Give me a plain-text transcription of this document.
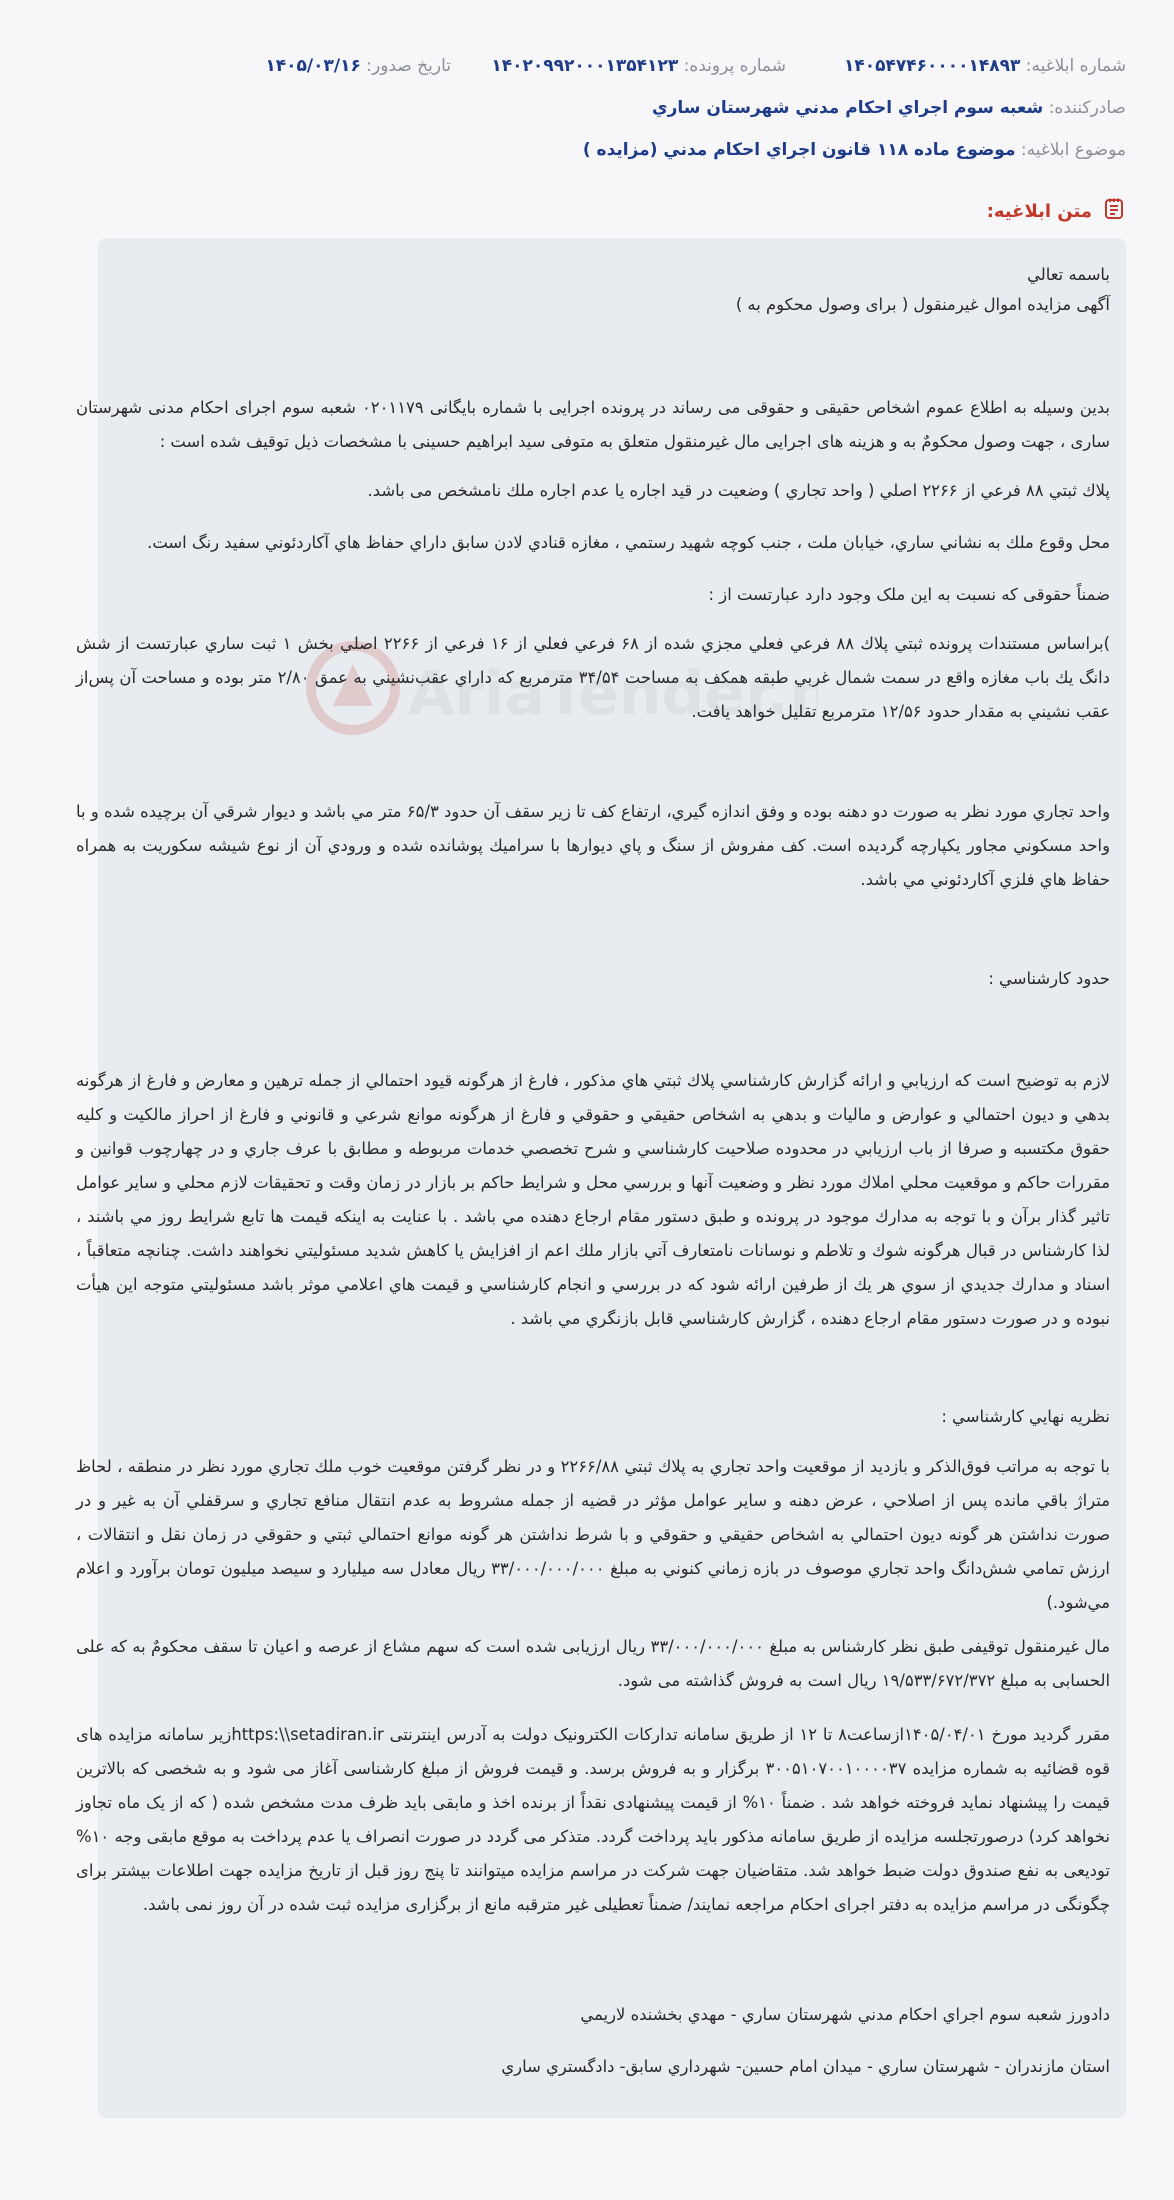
شماره ابلاغيه: ۱۴۰۵۴۷۴۶۰۰۰۰۱۴۸۹۳
شماره پرونده: ۱۴۰۲۰۹۹۲۰۰۰۱۳۵۴۱۲۳
تاريخ صدور: ۱۴۰۵/۰۳/۱۶
صادرکننده: شعبه سوم اجراي احكام مدني شهرستان ساري
موضوع ابلاغيه: موضوع ماده ۱۱۸ قانون اجراي احكام مدني (مزايده )
متن ابلاغيه:
AriaTender.n
باسمه تعالي
آگهی مزایده اموال غیرمنقول ( برای وصول محکوم به )
بدین وسیله به اطلاع عموم اشخاص حقیقی و حقوقی می رساند در پرونده اجرایی با شماره بایگانی ۰۲۰۱۱۷۹ شعبه سوم اجرای احکام مدنی شهرستان ساری ، جهت وصول محکومٌ به و هزینه های اجرایی مال غیرمنقول متعلق به متوفی سید ابراهیم حسینی با مشخصات ذیل توقیف شده است :
پلاك ثبتي ۸۸ فرعي از ۲۲۶۶ اصلي ( واحد تجاري ) وضعيت در قيد اجاره يا عدم اجاره ملك نامشخص مى باشد.
محل وقوع ملك به نشاني ساري، خيابان ملت ، جنب كوچه شهيد رستمي ، مغازه قنادي لادن سابق داراي حفاظ هاي آكاردئوني سفيد رنگ است.
ضمناً حقوقی که نسبت به این ملک وجود دارد عبارتست از :
)براساس مستندات پرونده ثبتي پلاك ۸۸ فرعي فعلي مجزي شده از ۶۸ فرعي فعلي از ۱۶ فرعي از ۲۲۶۶ اصلي بخش ۱ ثبت ساري عبارتست از شش دانگ يك باب مغازه واقع در سمت شمال غربي طبقه همكف به مساحت ۳۴/۵۴ مترمربع كه داراي عقب‌نشيني به عمق ۲/۸۰ متر بوده و مساحت آن پس‌از عقب نشيني به مقدار حدود ۱۲/۵۶ مترمربع تقليل خواهد يافت.
واحد تجاري مورد نظر به صورت دو دهنه بوده و وفق اندازه گيري، ارتفاع كف تا زير سقف آن حدود ۶۵/۳ متر مي باشد و ديوار شرقي آن برچيده شده و با واحد مسكوني مجاور يكپارچه گرديده است. كف مفروش از سنگ و پاي ديوارها با سراميك پوشانده شده و ورودي آن از نوع شيشه سكوريت به همراه حفاظ هاي فلزي آكاردئوني مي باشد.
حدود كارشناسي :
لازم به توضيح است كه ارزيابي و ارائه گزارش كارشناسي پلاك ثبتي هاي مذكور ، فارغ از هرگونه قيود احتمالي از جمله ترهين و معارض و فارغ از هرگونه بدهي و ديون احتمالي و عوارض و ماليات و بدهي به اشخاص حقيقي و حقوقي و فارغ از هرگونه موانع شرعي و قانوني و فارغ از احراز مالكيت و كليه حقوق مكتسبه و صرفا از باب ارزيابي در محدوده صلاحيت كارشناسي و شرح تخصصي خدمات مربوطه و مطابق با عرف جاري و در چهارچوب قوانين و مقررات حاكم و موقعيت محلي املاك مورد نظر و وضعيت آنها و بررسي محل و شرايط حاكم بر بازار در زمان وقت و تحقيقات لازم محلي و ساير عوامل تاثير گذار برآن و با توجه به مدارك موجود در پرونده و طبق دستور مقام ارجاع دهنده مي باشد . با عنايت به اينكه قيمت ها تابع شرايط روز مي باشند ، لذا كارشناس در قبال هرگونه شوك و تلاطم و نوسانات نامتعارف آتي بازار ملك اعم از افزايش يا كاهش شديد مسئوليتي نخواهند داشت. چنانچه متعاقباً ، اسناد و مدارك جديدي از سوي هر يك از طرفين ارائه شود كه در بررسي و انجام كارشناسي و قيمت هاي اعلامي موثر باشد مسئوليتي متوجه اين هيأت نبوده و در صورت دستور مقام ارجاع دهنده ، گزارش كارشناسي قابل بازنگري مي باشد .
نظريه نهايي كارشناسي :
با توجه به مراتب فوق‌الذكر و بازديد از موقعيت واحد تجاري به پلاك ثبتي ۲۲۶۶/۸۸ و در نظر گرفتن موقعيت خوب ملك تجاري مورد نظر در منطقه ، لحاظ متراژ باقي مانده پس از اصلاحي ، عرض دهنه و ساير عوامل مؤثر در قضيه از جمله مشروط به عدم انتقال منافع تجاري و سرقفلي آن به غير و در صورت نداشتن هر گونه ديون احتمالي به اشخاص حقيقي و حقوقي و با شرط نداشتن هر گونه موانع احتمالي ثبتي و حقوقي در زمان نقل و انتقالات ، ارزش تمامي شش‌دانگ واحد تجاري موصوف در بازه زماني كنوني به مبلغ ۳۳/۰۰۰/۰۰۰/۰۰۰ ريال معادل سه ميليارد و سيصد ميليون تومان برآورد و اعلام مي‌شود.)
مال غیرمنقول توقیفی طبق نظر کارشناس به مبلغ ۳۳/۰۰۰/۰۰۰/۰۰۰ ریال ارزیابی شده است که سهم مشاع از عرصه و اعیان تا سقف محکومٌ به که علی الحسابی به مبلغ ۱۹/۵۳۳/۶۷۲/۳۷۲ ریال است به فروش گذاشته می شود.
مقرر گردید مورخ ۱۴۰۵/۰۴/۰۱ازساعت۸ تا ۱۲ از طریق سامانه تدارکات الکترونیک دولت به آدرس اینترنتی https:\\setadiran.irزیر سامانه مزایده های قوه قضائیه به شماره مزایده ۳۰۰۵۱۰۷۰۰۱۰۰۰۰۳۷ برگزار و به فروش برسد. و قیمت فروش از مبلغ کارشناسی آغاز می شود و به شخصی که بالاترین قیمت را پیشنهاد نماید فروخته خواهد شد . ضمناً ۱۰% از قیمت پیشنهادی نقداً از برنده اخذ و مابقی باید ظرف مدت مشخص شده ( که از یک ماه تجاوز نخواهد کرد) درصورتجلسه مزایده از طریق سامانه مذکور باید پرداخت گردد. متذکر می گردد در صورت انصراف یا عدم پرداخت به موقع مابقی وجه ۱۰% تودیعی به نفع صندوق دولت ضبط خواهد شد. متقاضیان جهت شرکت در مراسم مزایده میتوانند تا پنج روز قبل از تاریخ مزایده جهت اطلاعات بیشتر برای چگونگی در مراسم مزایده به دفتر اجرای احکام مراجعه نمایند/ ضمناً تعطیلی غیر مترقبه مانع از برگزاری مزایده ثبت شده در آن روز نمی باشد.
دادورز شعبه سوم اجراي احكام مدني شهرستان ساري - مهدي بخشنده لاريمي
استان مازندران - شهرستان ساري - ميدان امام حسين- شهرداري سابق- دادگستري ساري
